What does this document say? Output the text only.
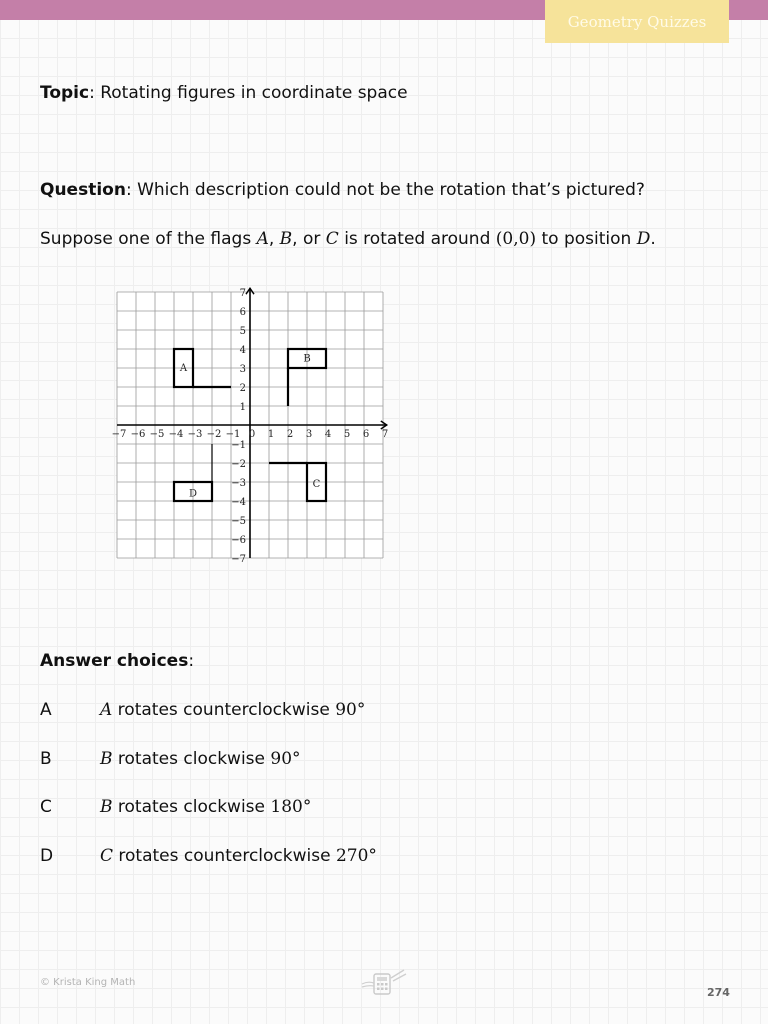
Geometry Quizzes
Topic: Rotating figures in coordinate space
Question: Which description could not be the rotation that’s pictured?
Suppose one of the flags A, B, or C is rotated around (0,0) to position D.
−7 −6 −5 −4 −3 −2 −1 0 1 2 3 4 5 6 7
7
6
5
4
3
2
1
−1
−2
−3
−4
−5
−6
−7
A
B
C
D
Answer choices:
A	A rotates counterclockwise 90°
B	B rotates clockwise 90°
C	B rotates clockwise 180°
D	C rotates counterclockwise 270°
© Krista King Math
274
